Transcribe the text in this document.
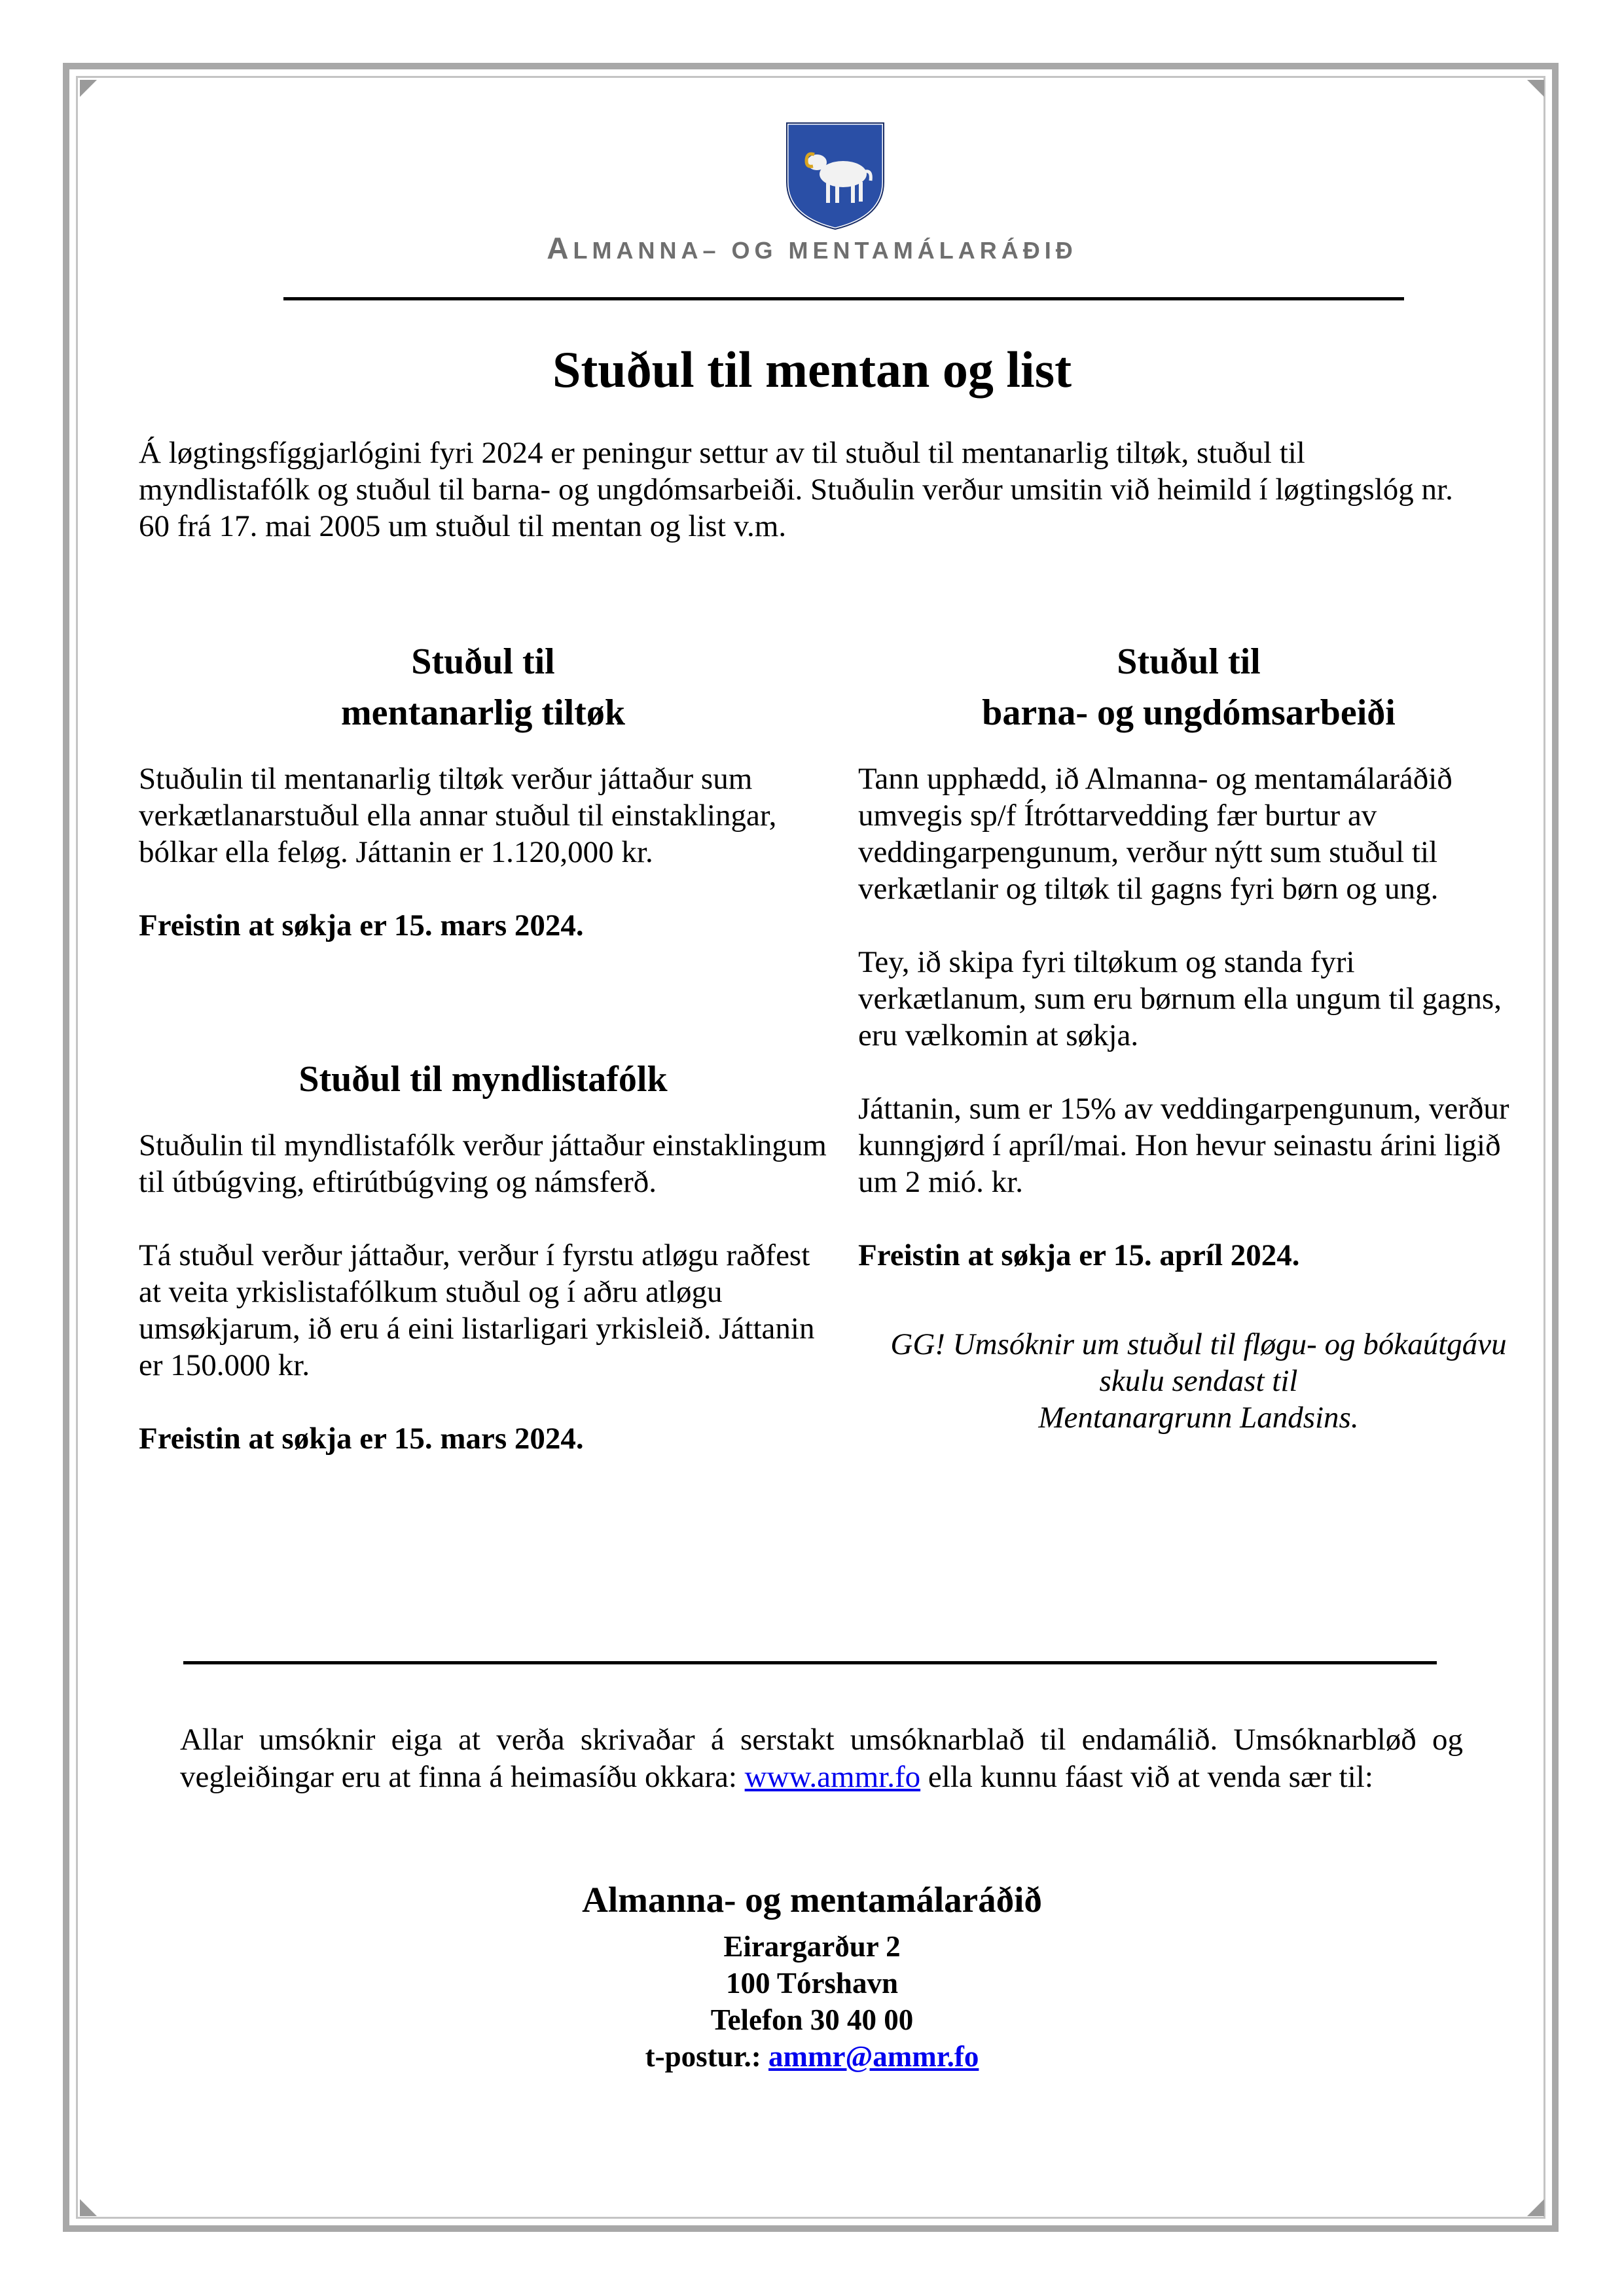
ALMANNA– OG MENTAMÁLARÁÐIÐ
Stuðul til mentan og list
Á løgtingsfíggjarlógini fyri 2024 er peningur settur av til stuðul til mentanarlig tiltøk, stuðul til myndlistafólk og stuðul til barna- og ungdómsarbeiði. Stuðulin verður umsitin við heimild í løgtingslóg nr. 60 frá 17. mai 2005 um stuðul til mentan og list v.m.
Stuðul til
mentanarlig tiltøk
Stuðulin til mentanarlig tiltøk verður játtaður sum verkætlanarstuðul ella annar stuðul til einstaklingar, bólkar ella feløg. Játtanin er 1.120,000 kr.
Freistin at søkja er 15. mars 2024.
Stuðul til myndlistafólk
Stuðulin til myndlistafólk verður játtaður einstaklingum til útbúgving, eftirútbúgving og námsferð.
Tá stuðul verður játtaður, verður í fyrstu atløgu raðfest at veita yrkislistafólkum stuðul og í aðru atløgu umsøkjarum, ið eru á eini listarligari yrkisleið. Játtanin er 150.000 kr.
Freistin at søkja er 15. mars 2024.
Stuðul til
barna- og ungdómsarbeiði
Tann upphædd, ið Almanna- og mentamálaráðið umvegis sp/f Ítróttarvedding fær burtur av veddingarpengunum, verður nýtt sum stuðul til verkætlanir og tiltøk til gagns fyri børn og ung.
Tey, ið skipa fyri tiltøkum og standa fyri verkætlanum, sum eru børnum ella ungum til gagns, eru vælkomin at søkja.
Játtanin, sum er 15% av veddingarpengunum, verður kunngjørd í apríl/mai. Hon hevur seinastu árini ligið um 2 mió. kr.
Freistin at søkja er 15. apríl 2024.
GG! Umsóknir um stuðul til fløgu- og bókaútgávu
skulu sendast til
Mentanargrunn Landsins.
Allar umsóknir eiga at verða skrivaðar á serstakt umsóknarblað til endamálið. Umsóknarbløð og vegleiðingar eru at finna á heimasíðu okkara: www.ammr.fo ella kunnu fáast við at venda sær til:
Almanna- og mentamálaráðið
Eirargarður 2
100 Tórshavn
Telefon 30 40 00
t-postur.: ammr@ammr.fo
